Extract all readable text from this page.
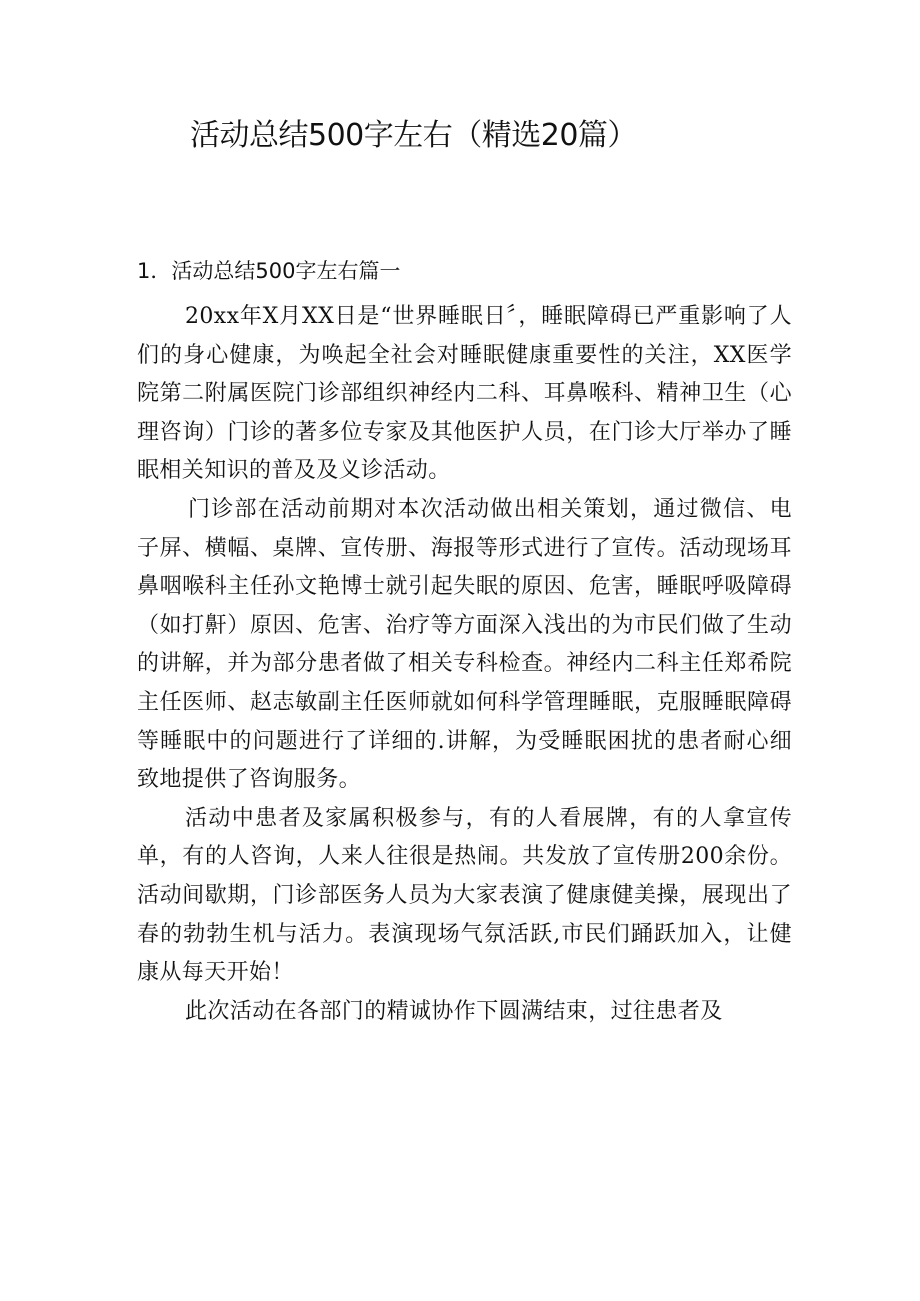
活动总结500字左右（精选20篇）
1．活动总结500字左右篇一

20xx年X月XX日是“世界睡眠日〞，睡眠障碍已严重影响了人们的身心健康，为唤起全社会对睡眠健康重要性的关注，XX医学院第二附属医院门诊部组织神经内二科、耳鼻喉科、精神卫生（心理咨询）门诊的著多位专家及其他医护人员，在门诊大厅举办了睡眠相关知识的普及及义诊活动。

门诊部在活动前期对本次活动做出相关策划，通过微信、电子屏、横幅、桌牌、宣传册、海报等形式进行了宣传。活动现场耳鼻咽喉科主任孙文艳博士就引起失眠的原因、危害，睡眠呼吸障碍（如打鼾）原因、危害、治疗等方面深入浅出的为市民们做了生动的讲解，并为部分患者做了相关专科检查。神经内二科主任郑希院主任医师、赵志敏副主任医师就如何科学管理睡眠，克服睡眠障碍等睡眠中的问题进行了详细的.讲解，为受睡眠困扰的患者耐心细致地提供了咨询服务。

活动中患者及家属积极参与，有的人看展牌，有的人拿宣传单，有的人咨询，人来人往很是热闹。共发放了宣传册200余份。活动间歇期，门诊部医务人员为大家表演了健康健美操，展现出了春的勃勃生机与活力。表演现场气氛活跃,市民们踊跃加入，让健康从每天开始！

此次活动在各部门的精诚协作下圆满结束，过往患者及
